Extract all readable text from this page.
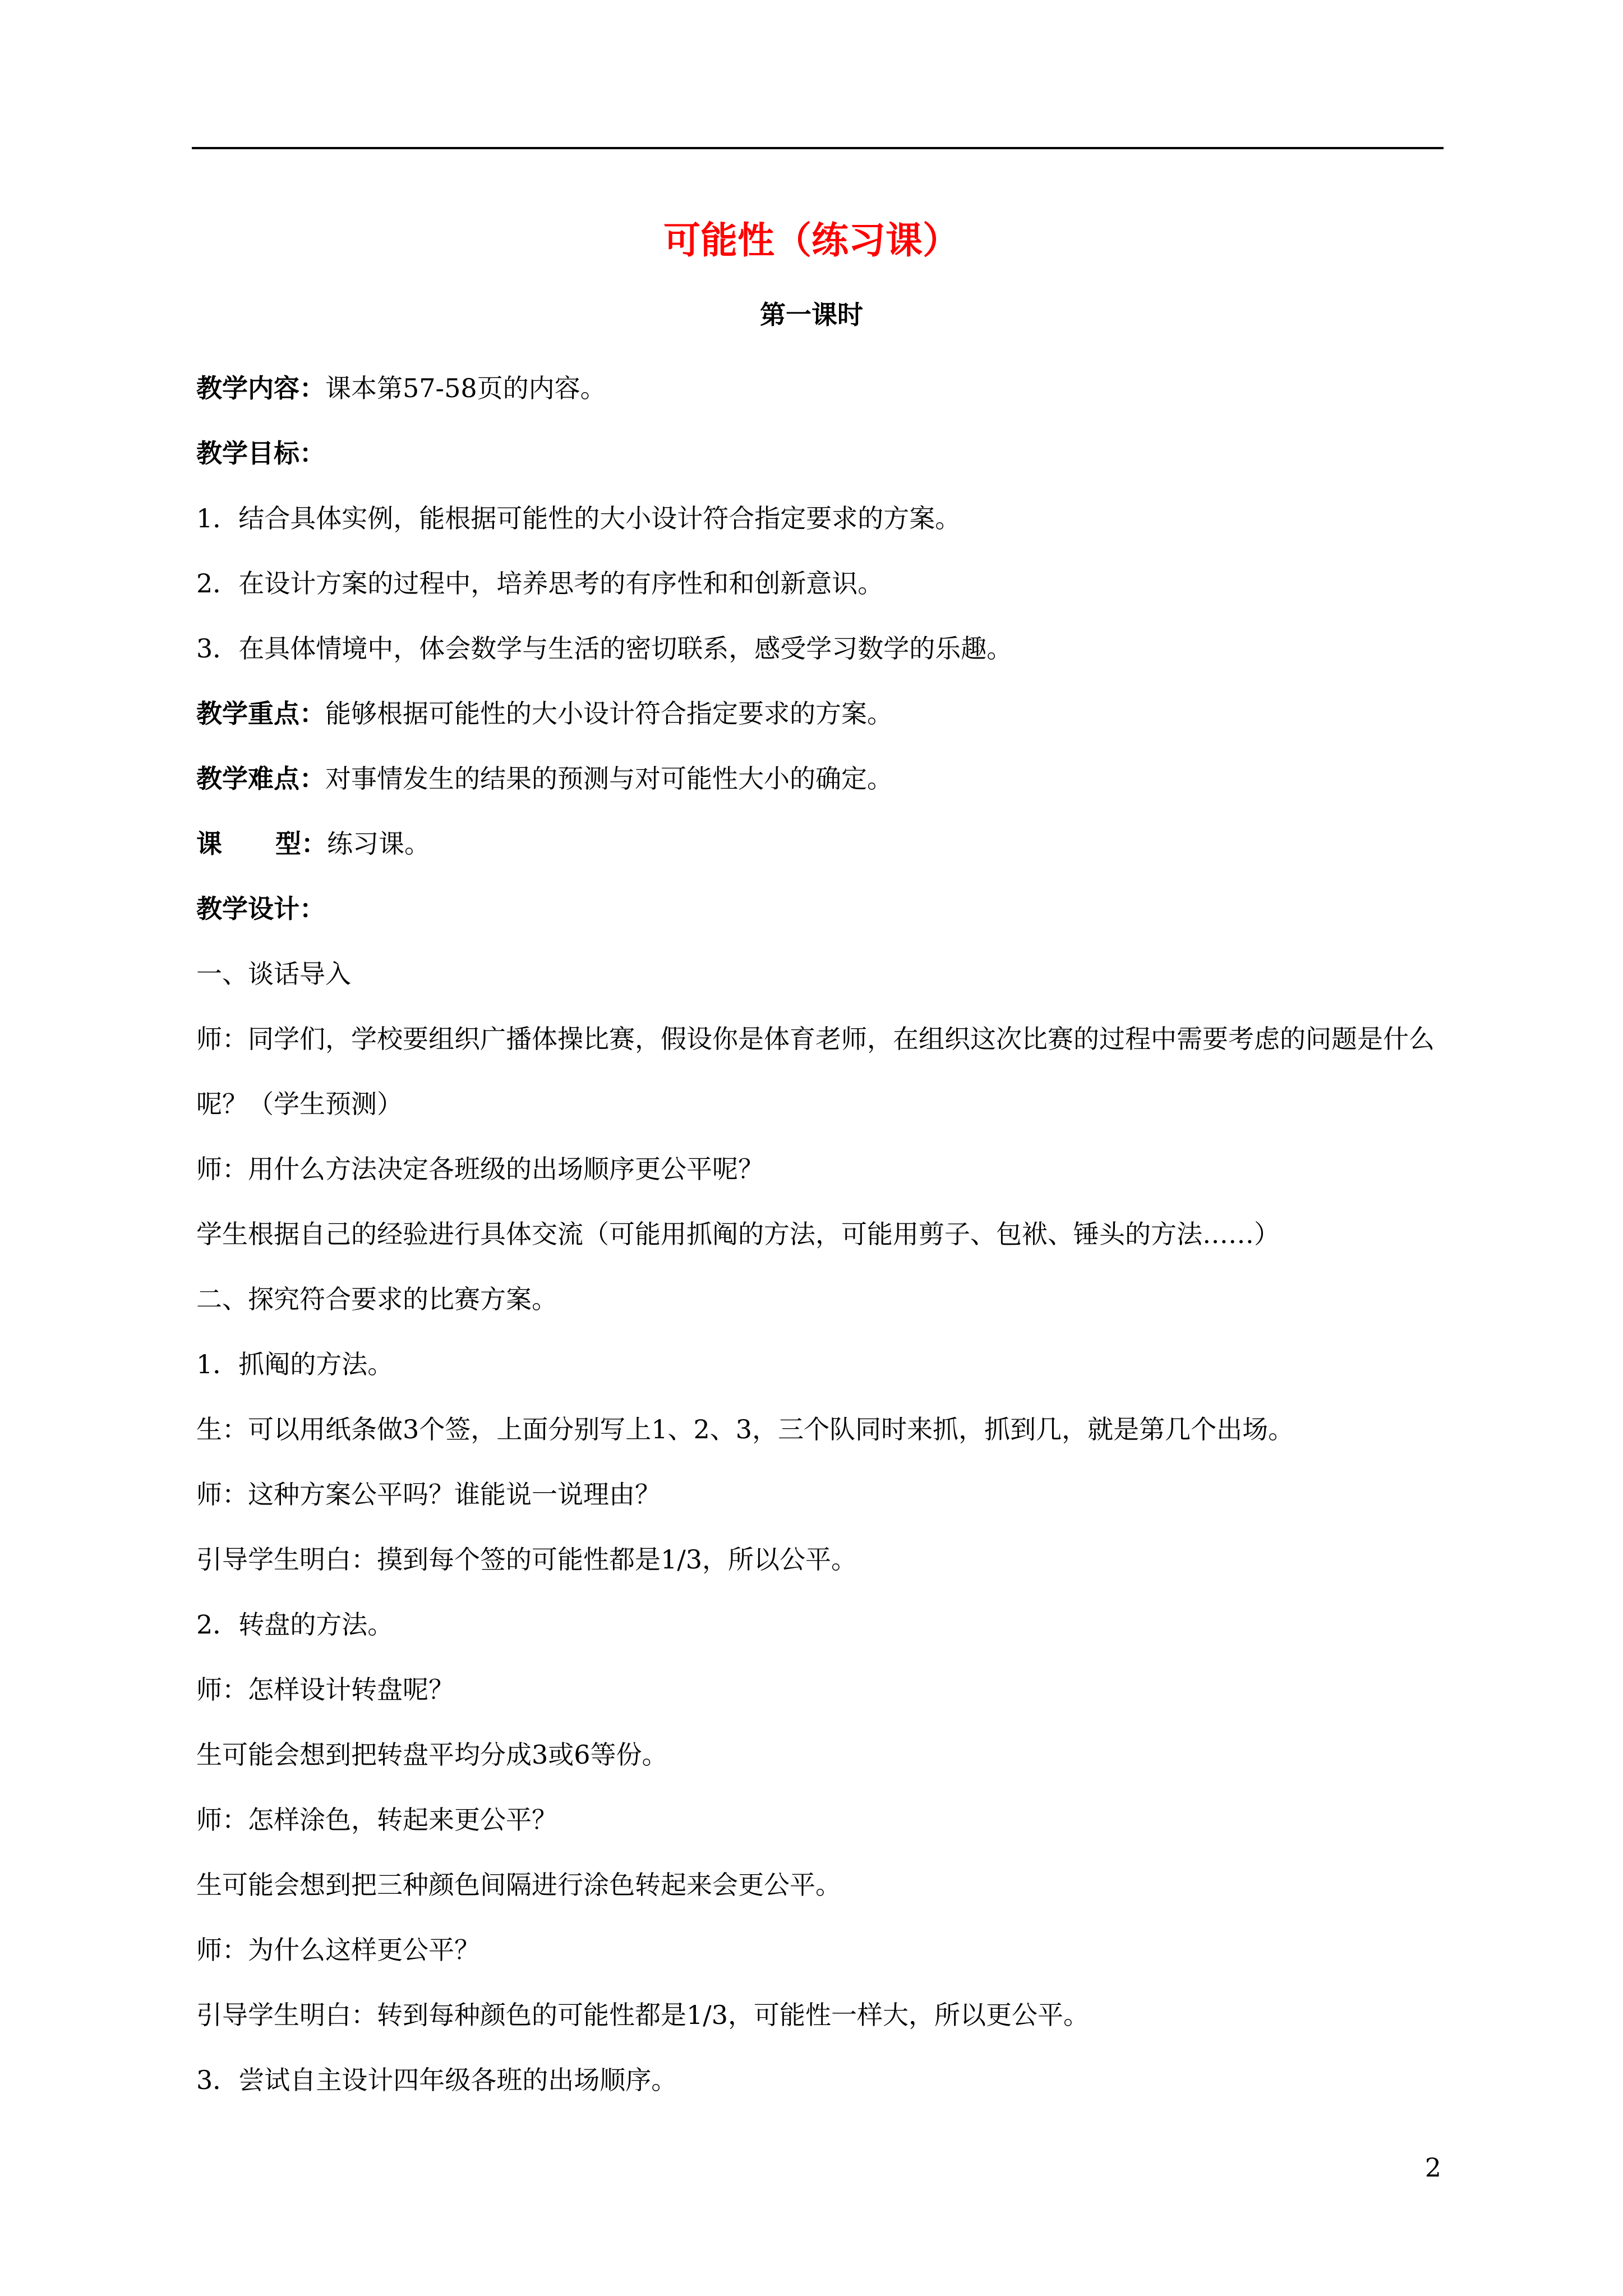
可能性（练习课）
第一课时
教学内容：课本第57-58页的内容。
教学目标：
1．结合具体实例，能根据可能性的大小设计符合指定要求的方案。
2．在设计方案的过程中，培养思考的有序性和和创新意识。
3．在具体情境中，体会数学与生活的密切联系，感受学习数学的乐趣。
教学重点：能够根据可能性的大小设计符合指定要求的方案。
教学难点：对事情发生的结果的预测与对可能性大小的确定。
课型：练习课。
教学设计：
一、谈话导入
师：同学们，学校要组织广播体操比赛，假设你是体育老师，在组织这次比赛的过程中需要考虑的问题是什么呢？（学生预测）
师：用什么方法决定各班级的出场顺序更公平呢？
学生根据自己的经验进行具体交流（可能用抓阄的方法，可能用剪子、包袱、锤头的方法……）
二、探究符合要求的比赛方案。
1．抓阄的方法。
生：可以用纸条做3个签，上面分别写上1、2、3，三个队同时来抓，抓到几，就是第几个出场。
师：这种方案公平吗？谁能说一说理由？
引导学生明白：摸到每个签的可能性都是1/3，所以公平。
2．转盘的方法。
师：怎样设计转盘呢？
生可能会想到把转盘平均分成3或6等份。
师：怎样涂色，转起来更公平？
生可能会想到把三种颜色间隔进行涂色转起来会更公平。
师：为什么这样更公平？
引导学生明白：转到每种颜色的可能性都是1/3，可能性一样大，所以更公平。
3．尝试自主设计四年级各班的出场顺序。
2
